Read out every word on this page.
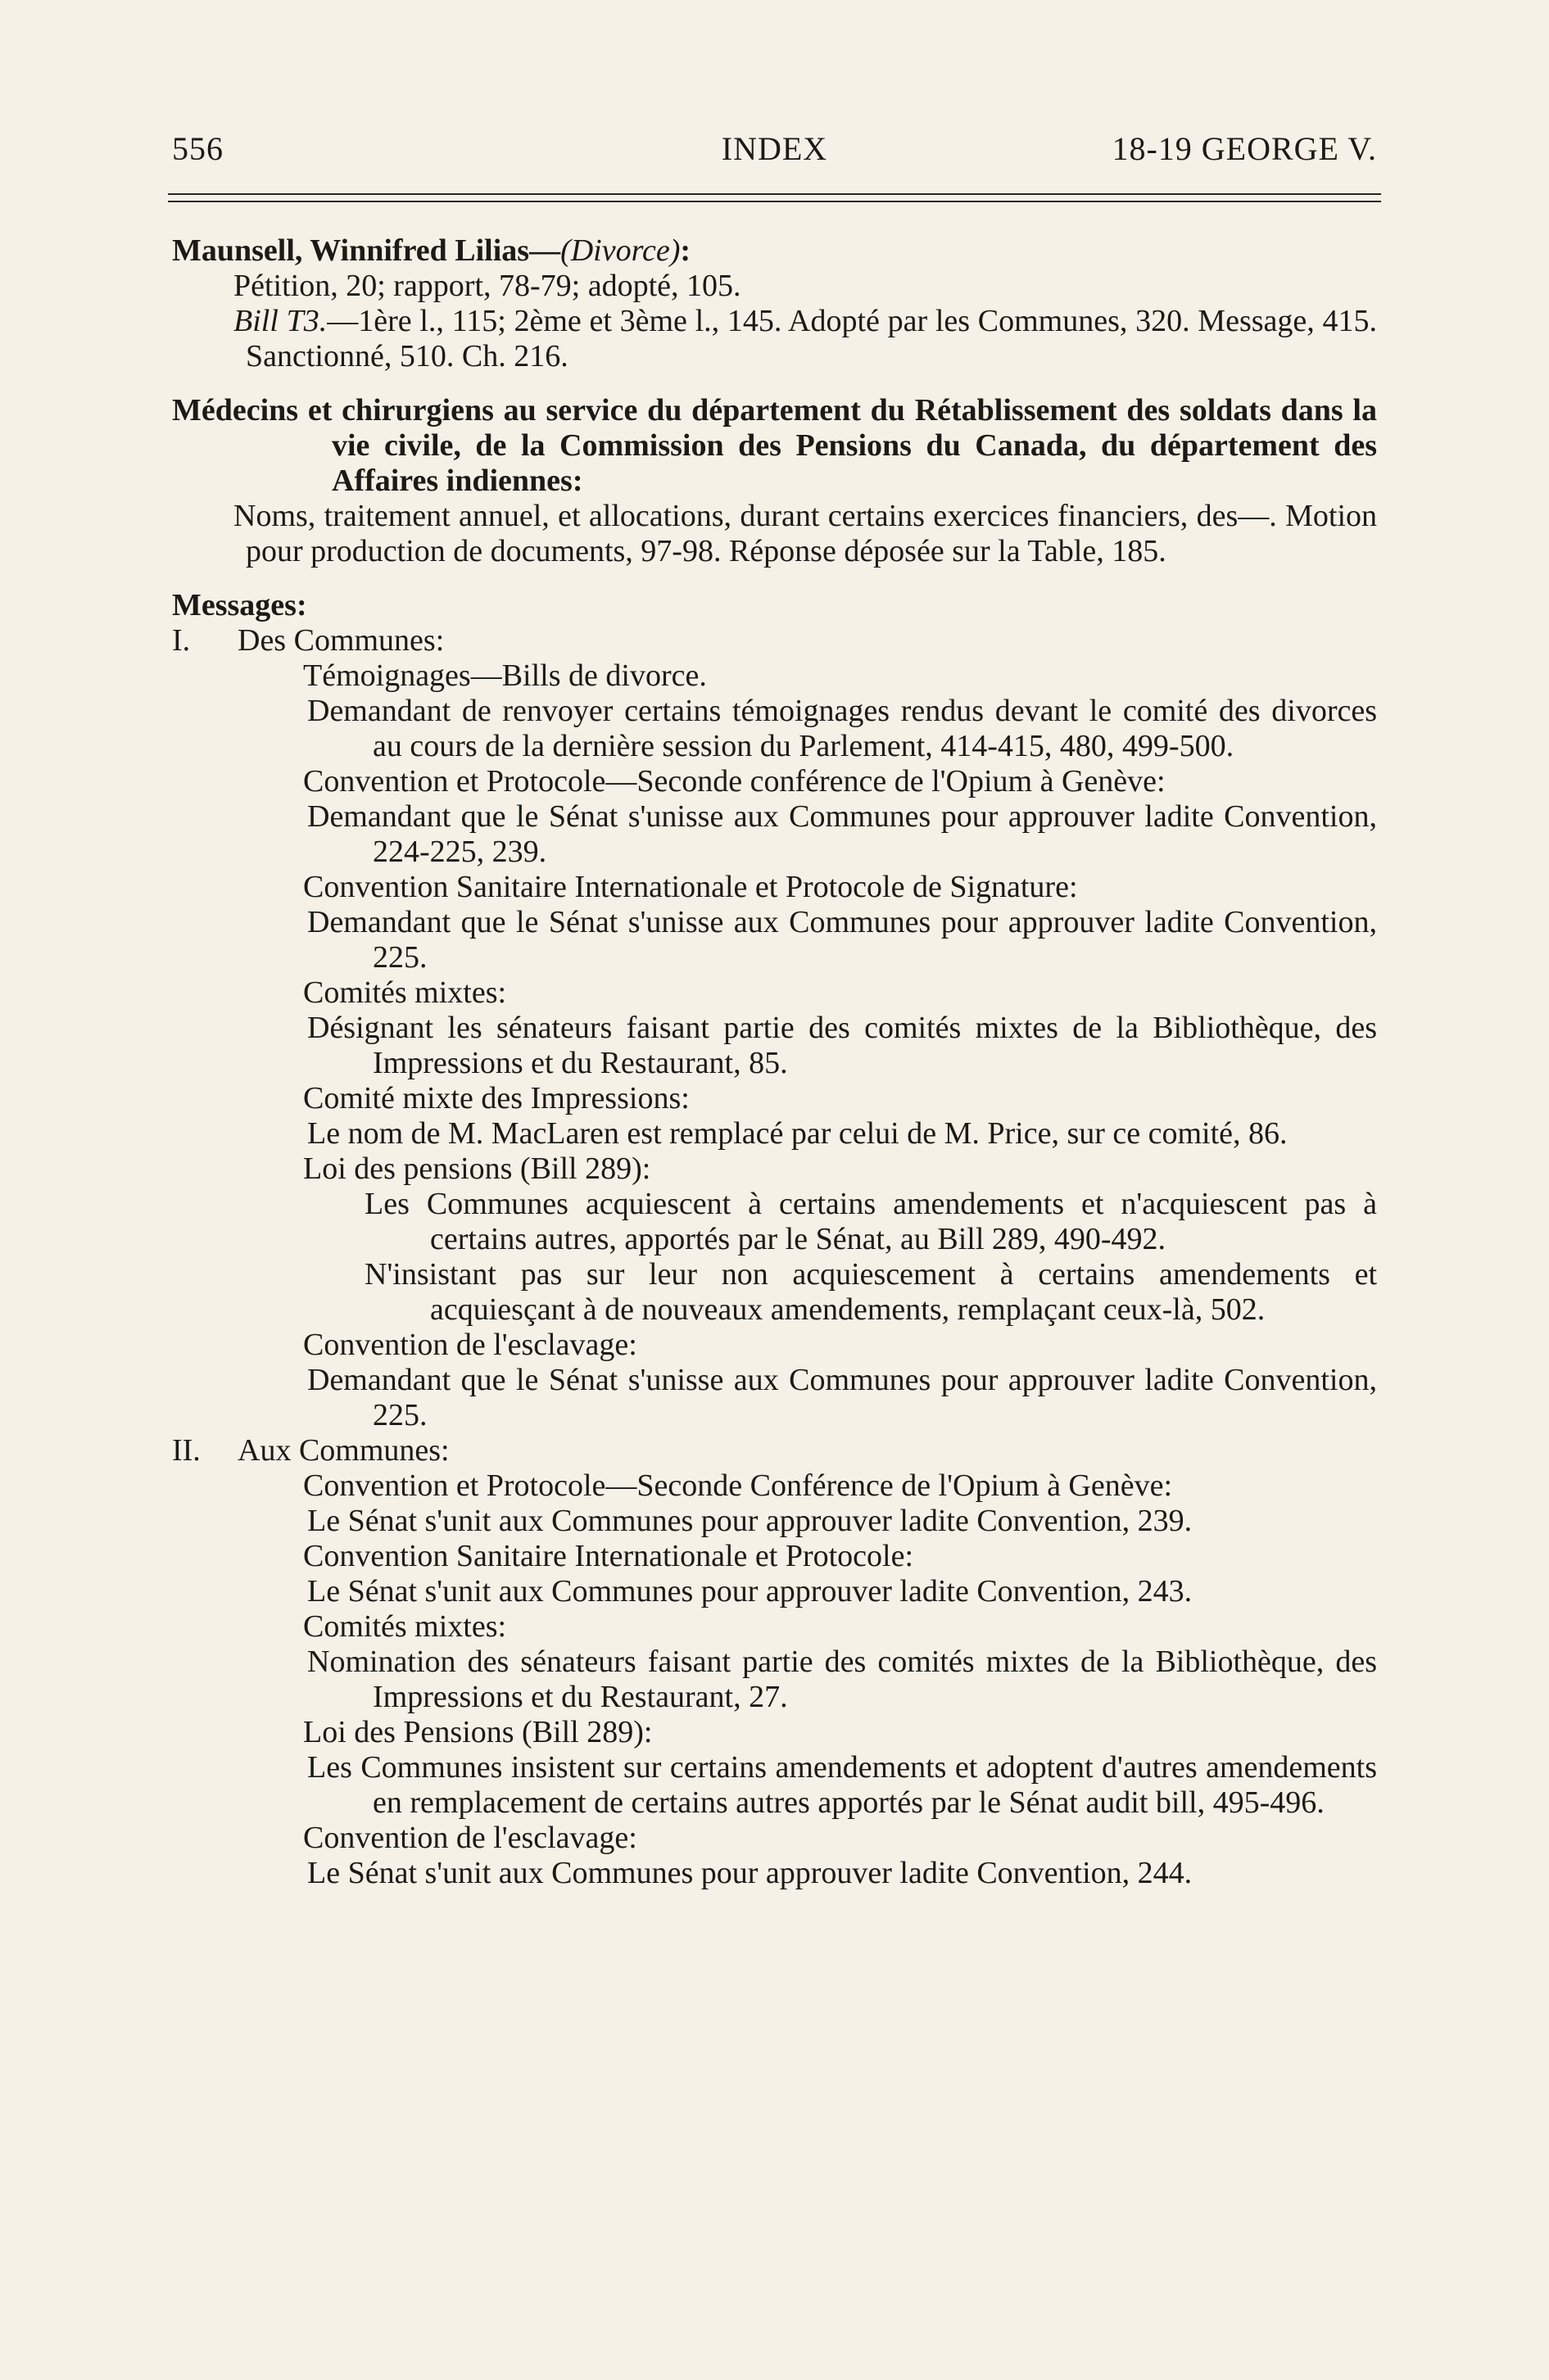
556	INDEX	18-19 GEORGE V.
Maunsell, Winnifred Lilias—(Divorce):
Pétition, 20; rapport, 78-79; adopté, 105.
Bill T3.—1ère l., 115; 2ème et 3ème l., 145. Adopté par les Communes, 320. Message, 415. Sanctionné, 510. Ch. 216.
Médecins et chirurgiens au service du département du Rétablissement des soldats dans la vie civile, de la Commission des Pensions du Canada, du département des Affaires indiennes:
Noms, traitement annuel, et allocations, durant certains exercices financiers, des—. Motion pour production de documents, 97-98. Réponse déposée sur la Table, 185.
Messages:
I. Des Communes:
Témoignages—Bills de divorce.
Demandant de renvoyer certains témoignages rendus devant le comité des divorces au cours de la dernière session du Parlement, 414-415, 480, 499-500.
Convention et Protocole—Seconde conférence de l'Opium à Genève:
Demandant que le Sénat s'unisse aux Communes pour approuver ladite Convention, 224-225, 239.
Convention Sanitaire Internationale et Protocole de Signature:
Demandant que le Sénat s'unisse aux Communes pour approuver ladite Convention, 225.
Comités mixtes:
Désignant les sénateurs faisant partie des comités mixtes de la Bibliothèque, des Impressions et du Restaurant, 85.
Comité mixte des Impressions:
Le nom de M. MacLaren est remplacé par celui de M. Price, sur ce comité, 86.
Loi des pensions (Bill 289):
Les Communes acquiescent à certains amendements et n'acquiescent pas à certains autres, apportés par le Sénat, au Bill 289, 490-492.
N'insistant pas sur leur non acquiescement à certains amendements et acquiesçant à de nouveaux amendements, remplaçant ceux-là, 502.
Convention de l'esclavage:
Demandant que le Sénat s'unisse aux Communes pour approuver ladite Convention, 225.
II. Aux Communes:
Convention et Protocole—Seconde Conférence de l'Opium à Genève:
Le Sénat s'unit aux Communes pour approuver ladite Convention, 239.
Convention Sanitaire Internationale et Protocole:
Le Sénat s'unit aux Communes pour approuver ladite Convention, 243.
Comités mixtes:
Nomination des sénateurs faisant partie des comités mixtes de la Bibliothèque, des Impressions et du Restaurant, 27.
Loi des Pensions (Bill 289):
Les Communes insistent sur certains amendements et adoptent d'autres amendements en remplacement de certains autres apportés par le Sénat audit bill, 495-496.
Convention de l'esclavage:
Le Sénat s'unit aux Communes pour approuver ladite Convention, 244.
